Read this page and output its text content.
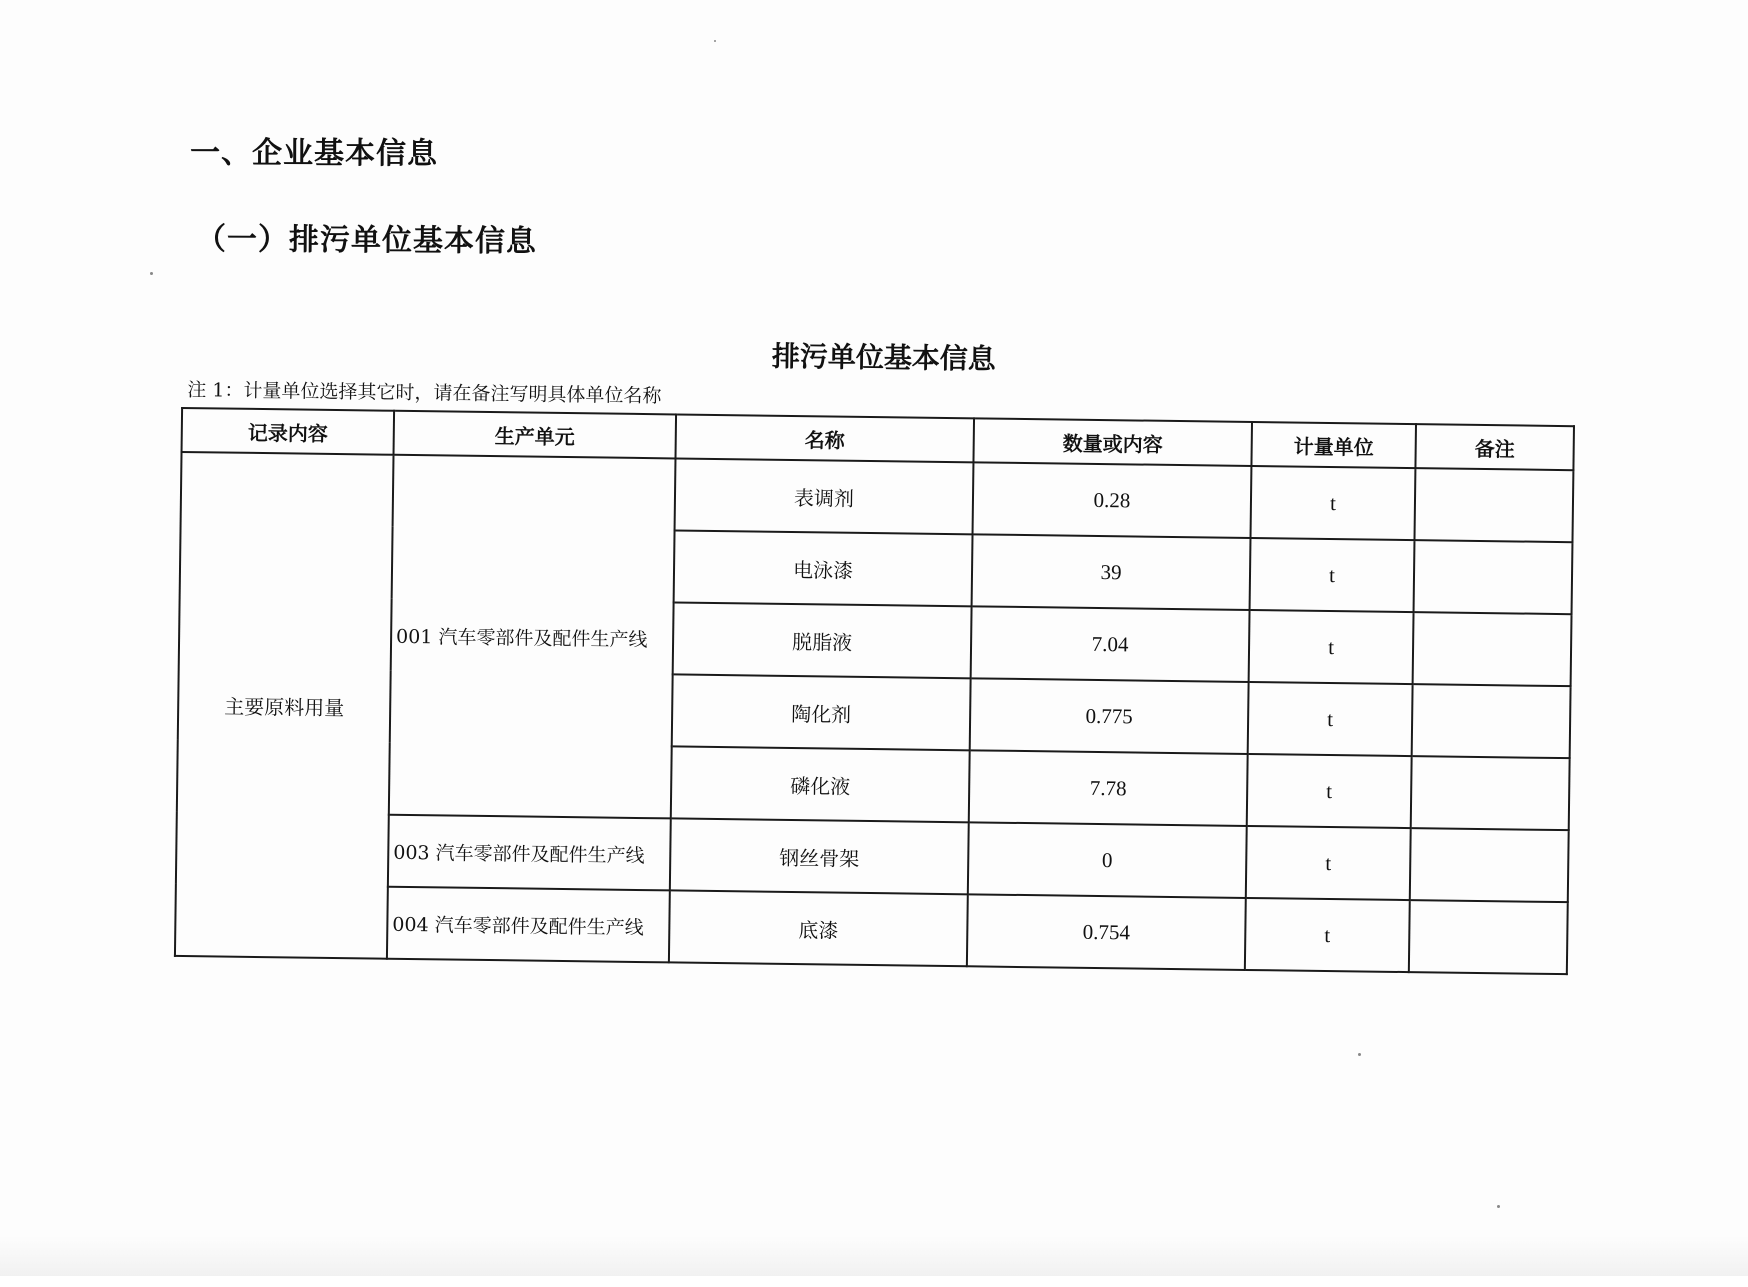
一、企业基本信息
（一）排污单位基本信息
排污单位基本信息
注 1：计量单位选择其它时，请在备注写明具体单位名称
记录内容	生产单元	名称	数量或内容	计量单位	备注
主要原料用量	001 汽车零部件及配件生产线	表调剂	0.28	t	
		电泳漆	39	t	
		脱脂液	7.04	t	
		陶化剂	0.775	t	
		磷化液	7.78	t	
	003 汽车零部件及配件生产线	钢丝骨架	0	t	
	004 汽车零部件及配件生产线	底漆	0.754	t	
